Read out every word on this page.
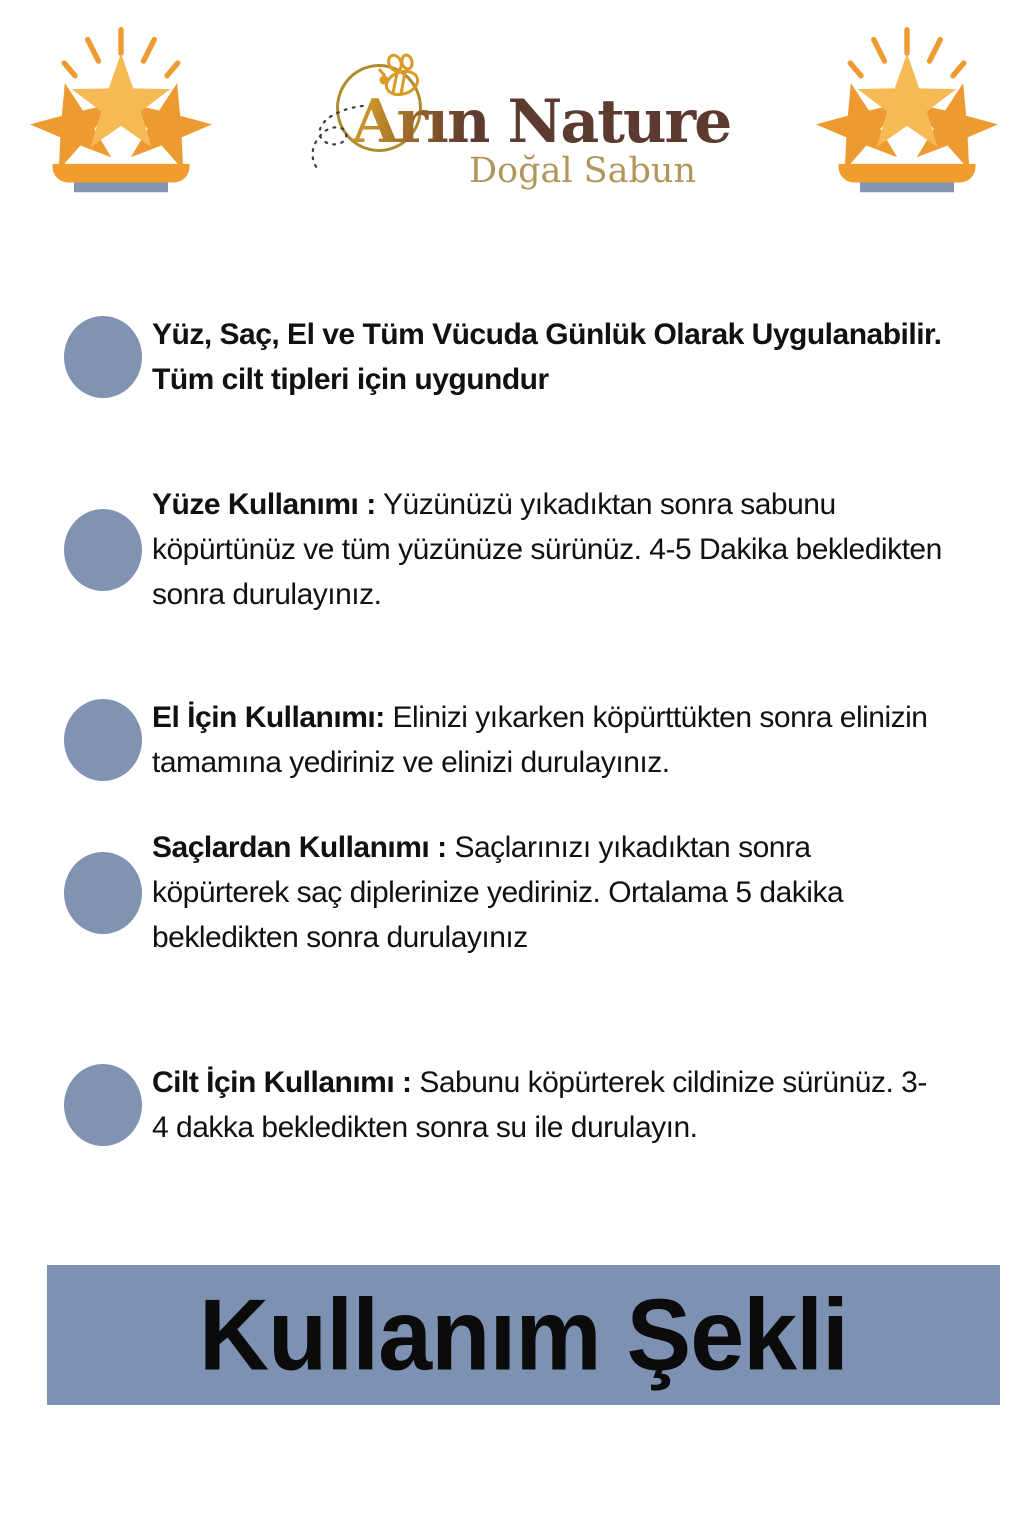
Arın Nature
Doğal Sabun

Yüz, Saç, El ve Tüm Vücuda Günlük Olarak Uygulanabilir. Tüm cilt tipleri için uygundur

Yüze Kullanımı : Yüzünüzü yıkadıktan sonra sabunu köpürtünüz ve tüm yüzünüze sürünüz. 4-5 Dakika bekledikten sonra durulayınız.

El İçin Kullanımı: Elinizi yıkarken köpürttükten sonra elinizin tamamına yediriniz ve elinizi durulayınız.

Saçlardan Kullanımı : Saçlarınızı yıkadıktan sonra köpürterek saç diplerinize yediriniz. Ortalama 5 dakika bekledikten sonra durulayınız

Cilt İçin Kullanımı : Sabunu köpürterek cildinize sürünüz. 3-4 dakka bekledikten sonra su ile durulayın.

Kullanım Şekli
